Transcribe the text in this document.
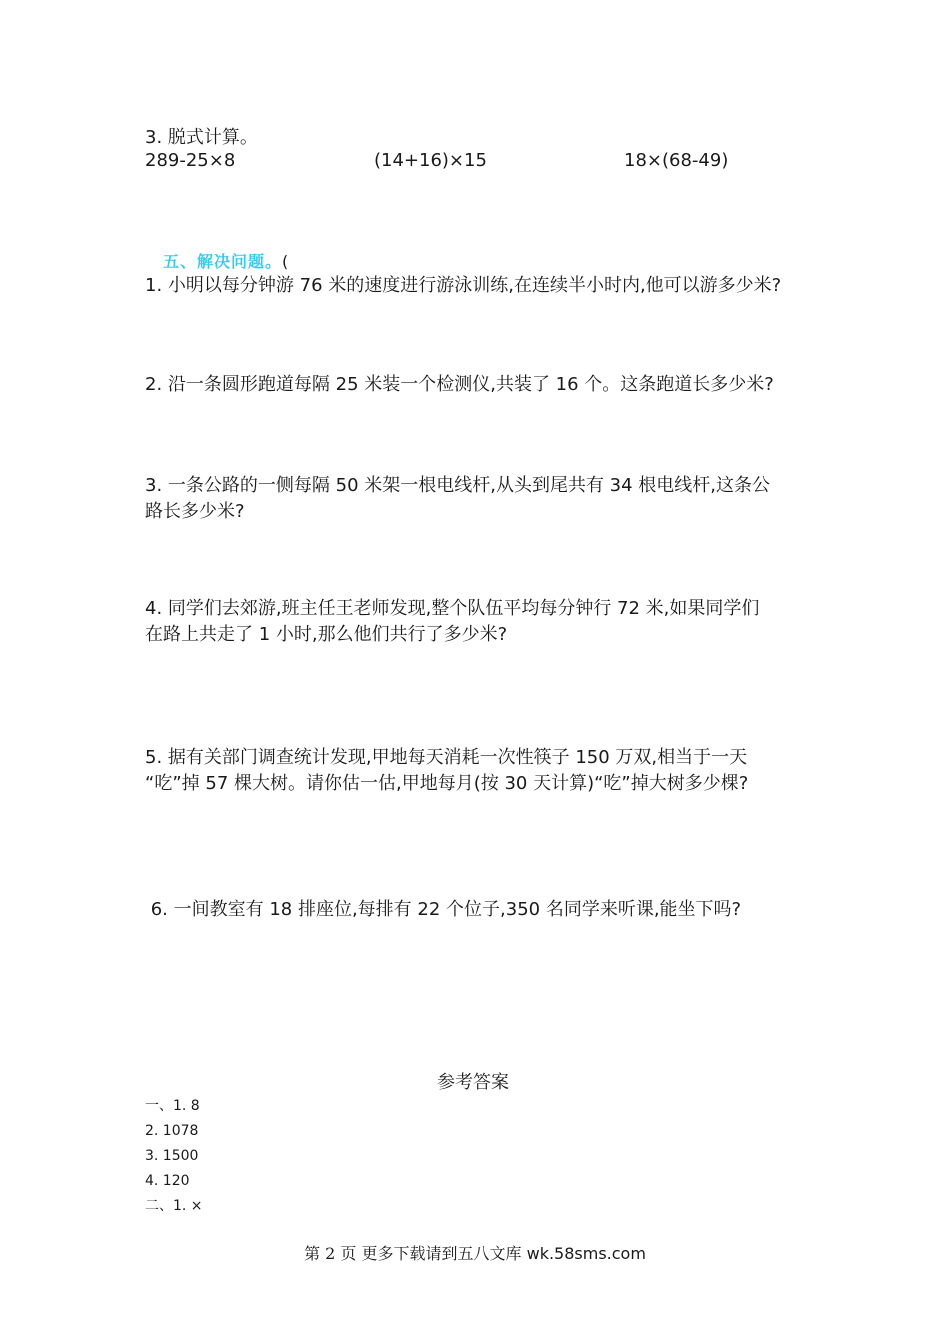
3. 脱式计算。
289-25×8	(14+16)×15	18×(68-49)
五、解决问题。(
1. 小明以每分钟游 76 米的速度进行游泳训练,在连续半小时内,他可以游多少米?
2. 沿一条圆形跑道每隔 25 米装一个检测仪,共装了 16 个。这条跑道长多少米?
3. 一条公路的一侧每隔 50 米架一根电线杆,从头到尾共有 34 根电线杆,这条公
路长多少米?
4. 同学们去郊游,班主任王老师发现,整个队伍平均每分钟行 72 米,如果同学们
在路上共走了 1 小时,那么他们共行了多少米?
5. 据有关部门调查统计发现,甲地每天消耗一次性筷子 150 万双,相当于一天
“吃”掉 57 棵大树。请你估一估,甲地每月(按 30 天计算)“吃”掉大树多少棵?
6. 一间教室有 18 排座位,每排有 22 个位子,350 名同学来听课,能坐下吗?
参考答案
一、1. 8
2. 1078
3. 1500
4. 120
二、1. ×
第 2 页 更多下载请到五八文库 wk.58sms.com
